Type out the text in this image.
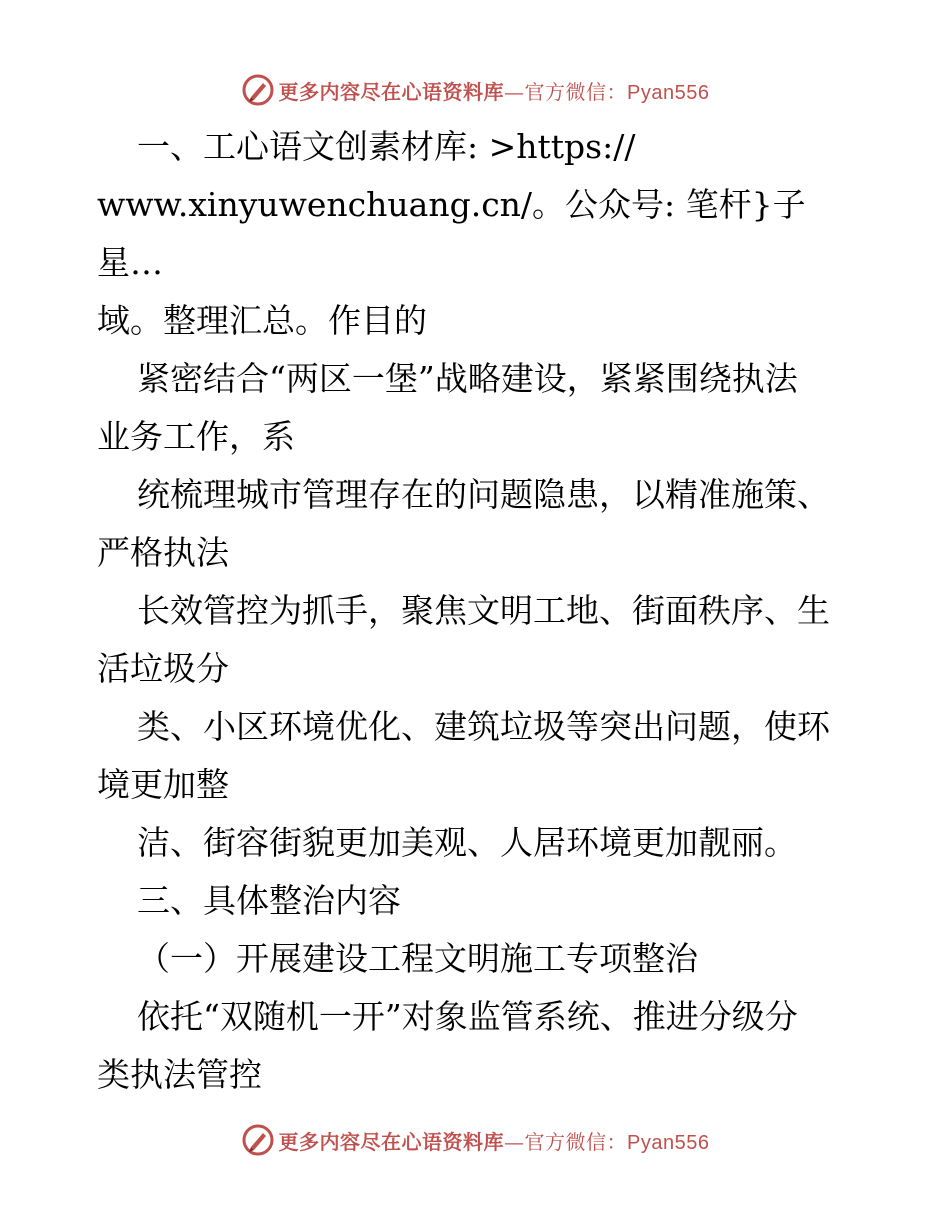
更多内容尽在心语资料库—官方微信：Pyan556

一、工心语文创素材库: >https://

www.xinyuwenchuang.cn/。公众号: 笔杆}子星…

域。整理汇总。作目的

紧密结合“两区一堡”战略建设，紧紧围绕执法

业务工作，系

统梳理城市管理存在的问题隐患，以精准施策、

严格执法

长效管控为抓手，聚焦文明工地、街面秩序、生

活垃圾分

类、小区环境优化、建筑垃圾等突出问题，使环

境更加整

洁、街容街貌更加美观、人居环境更加靓丽。

三、具体整治内容

（一）开展建设工程文明施工专项整治

依托“双随机一开”对象监管系统、推进分级分

类执法管控

更多内容尽在心语资料库—官方微信：Pyan556
